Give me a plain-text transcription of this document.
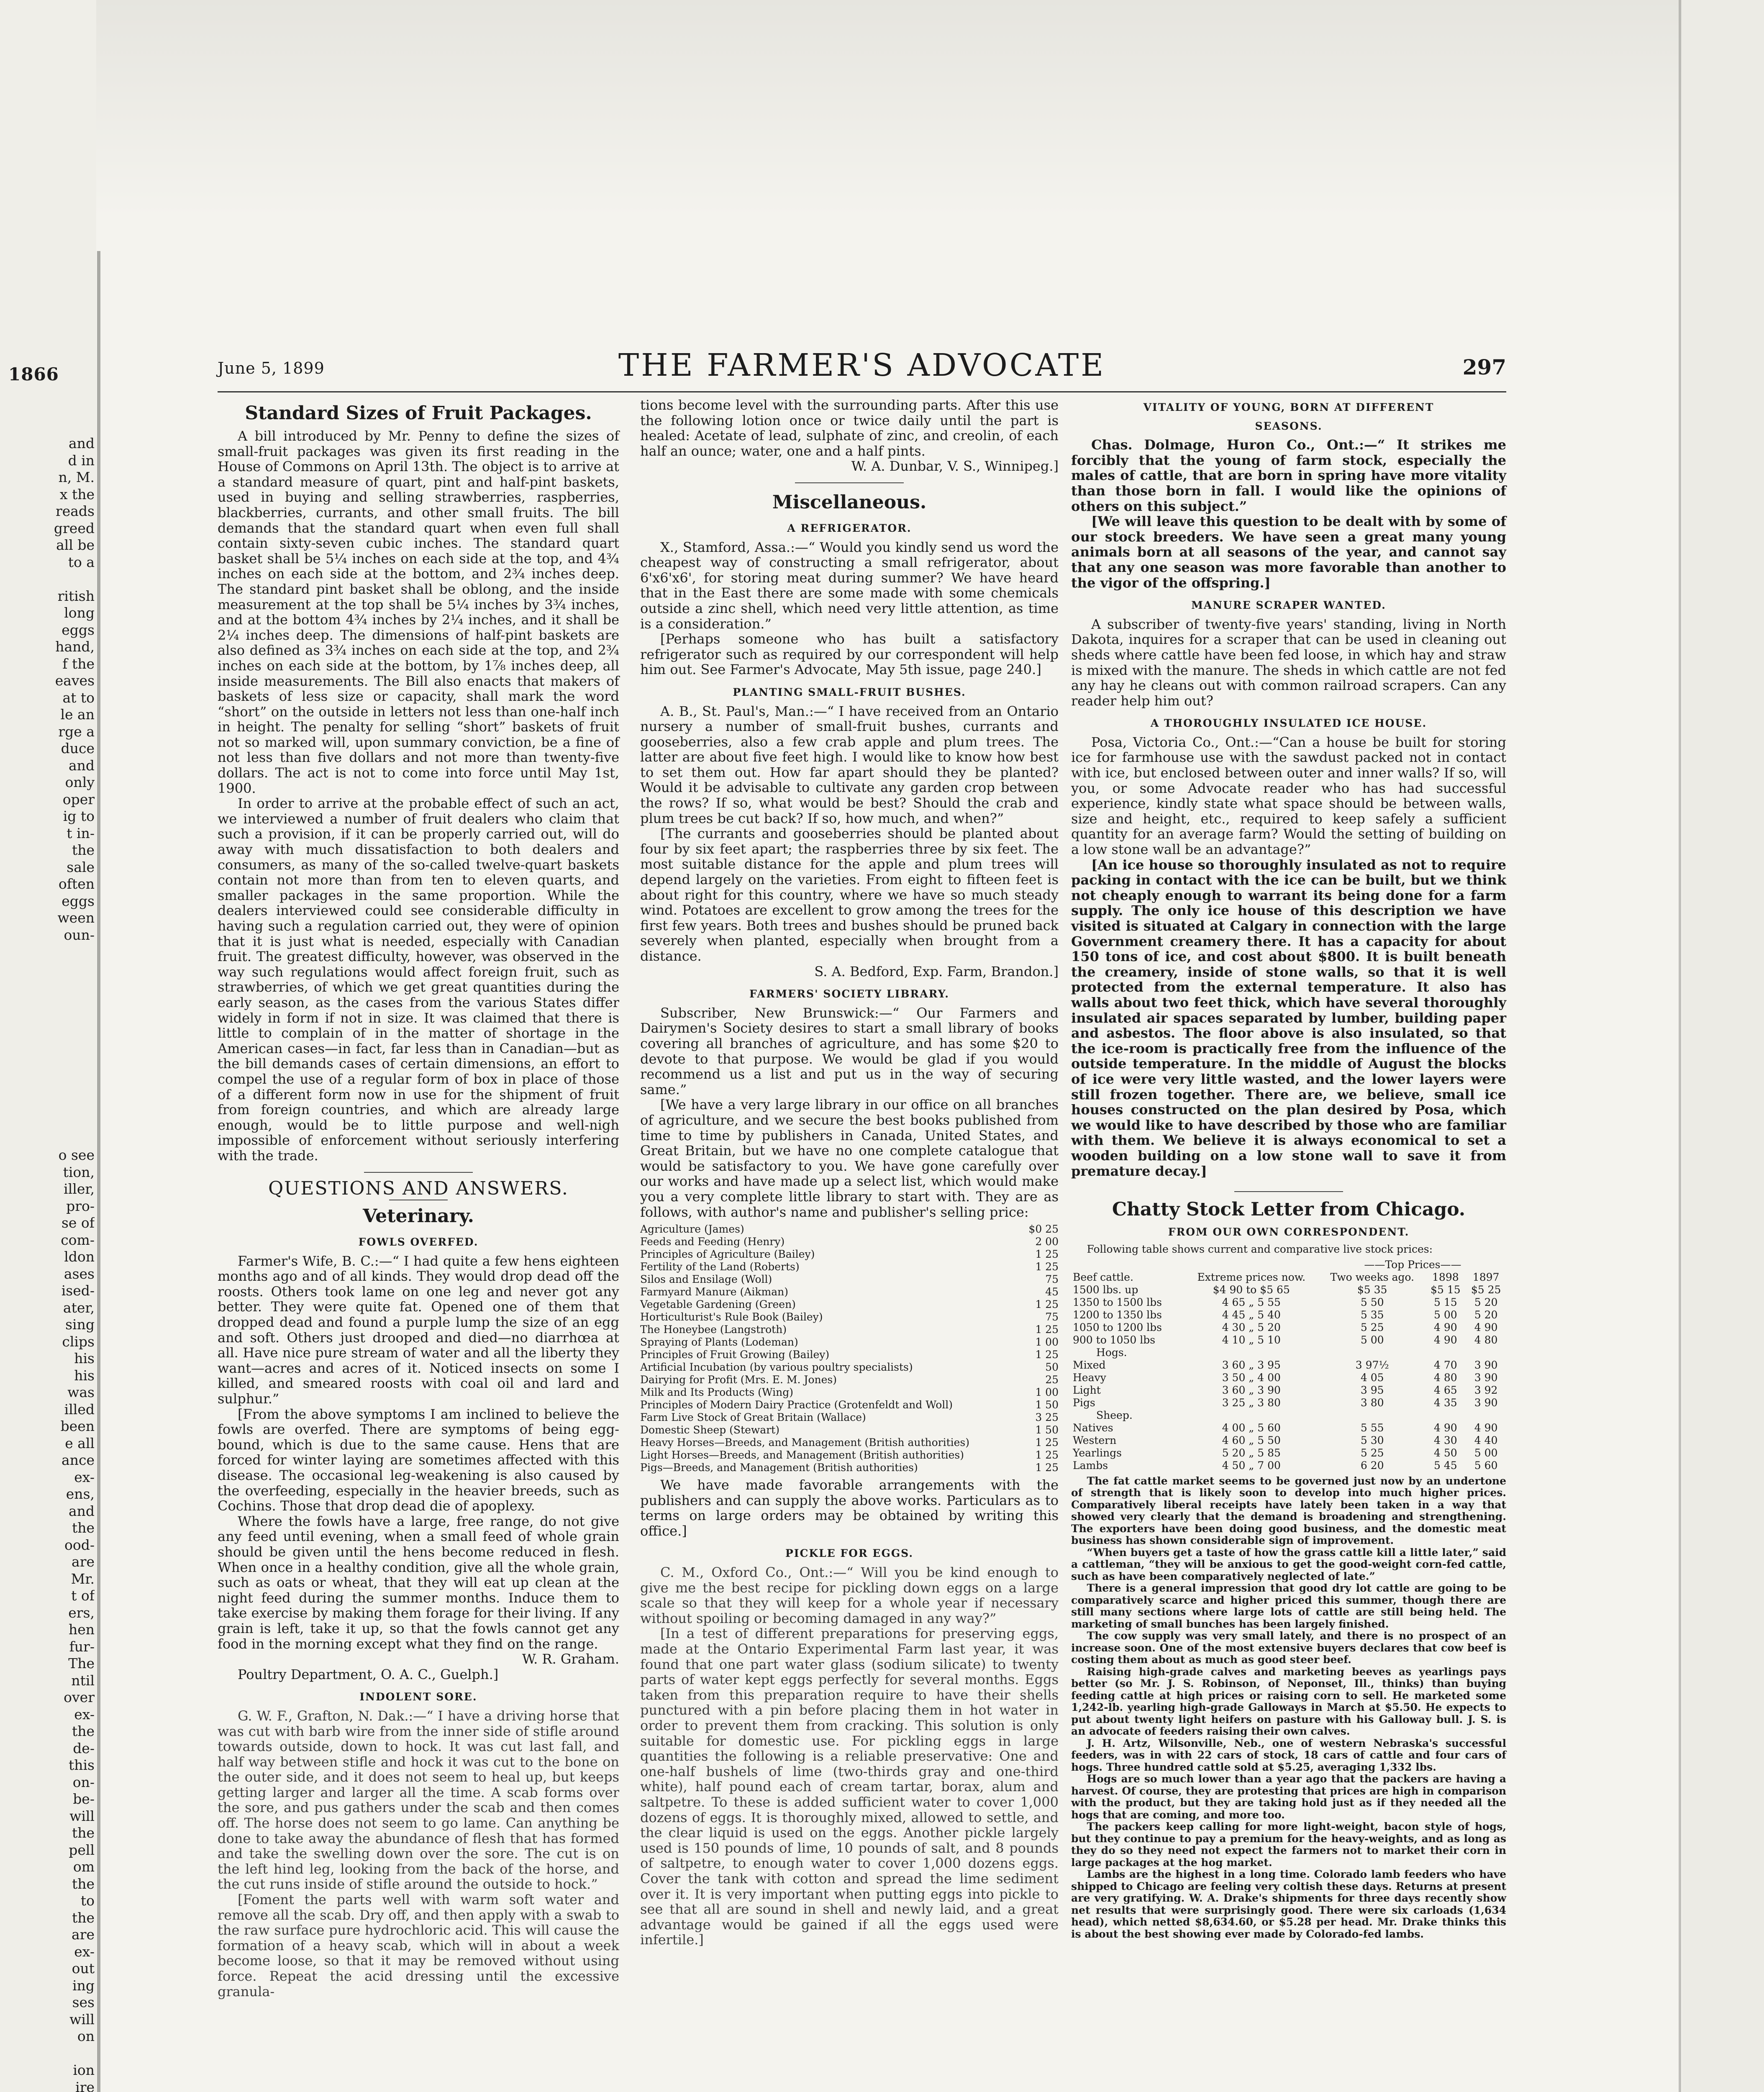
1866
and
d in
n, M.
x the
reads
greed
all be
to a

ritish
long
eggs
hand,
f the
eaves
at to
le an
rge a
duce
and
only
oper
ig to
t in-
the
sale
often
eggs
ween
oun-

o see
tion,
iller,
pro-
se of
com-
ldon
ases
ised-
ater,
sing
clips
his
his
was
illed
been
e all
ance
ex-
ens,
and
the
ood-
are
Mr.
t of
ers,
hen
fur-
The
ntil
over
ex-
the
de-
this
on-
be-
will
the
pell
om
the
to
the
are
ex-
out
ing
ses
will
on

ion
ire
June 5, 1899	THE FARMER'S ADVOCATE	297
Standard Sizes of Fruit Packages.

A bill introduced by Mr. Penny to define the sizes of small-fruit packages was given its first reading in the House of Commons on April 13th. The object is to arrive at a standard measure of quart, pint and half-pint baskets, used in buying and selling strawberries, raspberries, blackberries, currants, and other small fruits. The bill demands that the standard quart when even full shall contain sixty-seven cubic inches. The standard quart basket shall be 5¼ inches on each side at the top, and 4¾ inches on each side at the bottom, and 2¾ inches deep. The standard pint basket shall be oblong, and the inside measurement at the top shall be 5¼ inches by 3¾ inches, and at the bottom 4¾ inches by 2¼ inches, and it shall be 2¼ inches deep. The dimensions of half-pint baskets are also defined as 3¾ inches on each side at the top, and 2¾ inches on each side at the bottom, by 1⅞ inches deep, all inside measurements. The Bill also enacts that makers of baskets of less size or capacity, shall mark the word “short” on the outside in letters not less than one-half inch in height. The penalty for selling “short” baskets of fruit not so marked will, upon summary conviction, be a fine of not less than five dollars and not more than twenty-five dollars. The act is not to come into force until May 1st, 1900.

In order to arrive at the probable effect of such an act, we interviewed a number of fruit dealers who claim that such a provision, if it can be properly carried out, will do away with much dissatisfaction to both dealers and consumers, as many of the so-called twelve-quart baskets contain not more than from ten to eleven quarts, and smaller packages in the same proportion. While the dealers interviewed could see considerable difficulty in having such a regulation carried out, they were of opinion that it is just what is needed, especially with Canadian fruit. The greatest difficulty, however, was observed in the way such regulations would affect foreign fruit, such as strawberries, of which we get great quantities during the early season, as the cases from the various States differ widely in form if not in size. It was claimed that there is little to complain of in the matter of shortage in the American cases—in fact, far less than in Canadian—but as the bill demands cases of certain dimensions, an effort to compel the use of a regular form of box in place of those of a different form now in use for the shipment of fruit from foreign countries, and which are already large enough, would be to little purpose and well-nigh impossible of enforcement without seriously interfering with the trade.

QUESTIONS AND ANSWERS.
Veterinary.
FOWLS OVERFED.

Farmer's Wife, B. C.:—“ I had quite a few hens eighteen months ago and of all kinds. They would drop dead off the roosts. Others took lame on one leg and never got any better. They were quite fat. Opened one of them that dropped dead and found a purple lump the size of an egg and soft. Others just drooped and died—no diarrhœa at all. Have nice pure stream of water and all the liberty they want—acres and acres of it. Noticed insects on some I killed, and smeared roosts with coal oil and lard and sulphur.”

[From the above symptoms I am inclined to believe the fowls are overfed. There are symptoms of being egg-bound, which is due to the same cause. Hens that are forced for winter laying are sometimes affected with this disease. The occasional leg-weakening is also caused by the overfeeding, especially in the heavier breeds, such as Cochins. Those that drop dead die of apoplexy.

Where the fowls have a large, free range, do not give any feed until evening, when a small feed of whole grain should be given until the hens become reduced in flesh. When once in a healthy condition, give all the whole grain, such as oats or wheat, that they will eat up clean at the night feed during the summer months. Induce them to take exercise by making them forage for their living. If any grain is left, take it up, so that the fowls cannot get any food in the morning except what they find on the range.

W. R. Graham.

Poultry Department, O. A. C., Guelph.]

INDOLENT SORE.

G. W. F., Grafton, N. Dak.:—“ I have a driving horse that was cut with barb wire from the inner side of stifle around towards outside, down to hock. It was cut last fall, and half way between stifle and hock it was cut to the bone on the outer side, and it does not seem to heal up, but keeps getting larger and larger all the time. A scab forms over the sore, and pus gathers under the scab and then comes off. The horse does not seem to go lame. Can anything be done to take away the abundance of flesh that has formed and take the swelling down over the sore. The cut is on the left hind leg, looking from the back of the horse, and the cut runs inside of stifle around the outside to hock.”

[Foment the parts well with warm soft water and remove all the scab. Dry off, and then apply with a swab to the raw surface pure hydrochloric acid. This will cause the formation of a heavy scab, which will in about a week become loose, so that it may be removed without using force. Repeat the acid dressing until the excessive granula-

tions become level with the surrounding parts. After this use the following lotion once or twice daily until the part is healed: Acetate of lead, sulphate of zinc, and creolin, of each half an ounce; water, one and a half pints.

W. A. Dunbar, V. S., Winnipeg.]

Miscellaneous.
A REFRIGERATOR.

X., Stamford, Assa.:—“ Would you kindly send us word the cheapest way of constructing a small refrigerator, about 6'x6'x6', for storing meat during summer? We have heard that in the East there are some made with some chemicals outside a zinc shell, which need very little attention, as time is a consideration.”

[Perhaps someone who has built a satisfactory refrigerator such as required by our correspondent will help him out. See Farmer's Advocate, May 5th issue, page 240.]

PLANTING SMALL-FRUIT BUSHES.

A. B., St. Paul's, Man.:—“ I have received from an Ontario nursery a number of small-fruit bushes, currants and gooseberries, also a few crab apple and plum trees. The latter are about five feet high. I would like to know how best to set them out. How far apart should they be planted? Would it be advisable to cultivate any garden crop between the rows? If so, what would be best? Should the crab and plum trees be cut back? If so, how much, and when?”

[The currants and gooseberries should be planted about four by six feet apart; the raspberries three by six feet. The most suitable distance for the apple and plum trees will depend largely on the varieties. From eight to fifteen feet is about right for this country, where we have so much steady wind. Potatoes are excellent to grow among the trees for the first few years. Both trees and bushes should be pruned back severely when planted, especially when brought from a distance.

S. A. Bedford, Exp. Farm, Brandon.]

FARMERS' SOCIETY LIBRARY.

Subscriber, New Brunswick:—“ Our Farmers and Dairymen's Society desires to start a small library of books covering all branches of agriculture, and has some $20 to devote to that purpose. We would be glad if you would recommend us a list and put us in the way of securing same.”

[We have a very large library in our office on all branches of agriculture, and we secure the best books published from time to time by publishers in Canada, United States, and Great Britain, but we have no one complete catalogue that would be satisfactory to you. We have gone carefully over our works and have made up a select list, which would make you a very complete little library to start with. They are as follows, with author's name and publisher's selling price:

Agriculture (James)	$0 25
Feeds and Feeding (Henry)	2 00
Principles of Agriculture (Bailey)	1 25
Fertility of the Land (Roberts)	1 25
Silos and Ensilage (Woll)	75
Farmyard Manure (Aikman)	45
Vegetable Gardening (Green)	1 25
Horticulturist's Rule Book (Bailey)	75
The Honeybee (Langstroth)	1 25
Spraying of Plants (Lodeman)	1 00
Principles of Fruit Growing (Bailey)	1 25
Artificial Incubation (by various poultry specialists)	50
Dairying for Profit (Mrs. E. M. Jones)	25
Milk and Its Products (Wing)	1 00
Principles of Modern Dairy Practice (Grotenfeldt and Woll)	1 50
Farm Live Stock of Great Britain (Wallace)	3 25
Domestic Sheep (Stewart)	1 50
Heavy Horses—Breeds, and Management (British authorities)	1 25
Light Horses—Breeds, and Management (British authorities)	1 25
Pigs—Breeds, and Management (British authorities)	1 25

We have made favorable arrangements with the publishers and can supply the above works. Particulars as to terms on large orders may be obtained by writing this office.]

PICKLE FOR EGGS.

C. M., Oxford Co., Ont.:—“ Will you be kind enough to give me the best recipe for pickling down eggs on a large scale so that they will keep for a whole year if necessary without spoiling or becoming damaged in any way?”

[In a test of different preparations for preserving eggs, made at the Ontario Experimental Farm last year, it was found that one part water glass (sodium silicate) to twenty parts of water kept eggs perfectly for several months. Eggs taken from this preparation require to have their shells punctured with a pin before placing them in hot water in order to prevent them from cracking. This solution is only suitable for domestic use. For pickling eggs in large quantities the following is a reliable preservative: One and one-half bushels of lime (two-thirds gray and one-third white), half pound each of cream tartar, borax, alum and saltpetre. To these is added sufficient water to cover 1,000 dozens of eggs. It is thoroughly mixed, allowed to settle, and the clear liquid is used on the eggs. Another pickle largely used is 150 pounds of lime, 10 pounds of salt, and 8 pounds of saltpetre, to enough water to cover 1,000 dozens eggs. Cover the tank with cotton and spread the lime sediment over it. It is very important when putting eggs into pickle to see that all are sound in shell and newly laid, and a great advantage would be gained if all the eggs used were infertile.]

VITALITY OF YOUNG, BORN AT DIFFERENT
SEASONS.

Chas. Dolmage, Huron Co., Ont.:—“ It strikes me forcibly that the young of farm stock, especially the males of cattle, that are born in spring have more vitality than those born in fall. I would like the opinions of others on this subject.”

[We will leave this question to be dealt with by some of our stock breeders. We have seen a great many young animals born at all seasons of the year, and cannot say that any one season was more favorable than another to the vigor of the offspring.]

MANURE SCRAPER WANTED.

A subscriber of twenty-five years' standing, living in North Dakota, inquires for a scraper that can be used in cleaning out sheds where cattle have been fed loose, in which hay and straw is mixed with the manure. The sheds in which cattle are not fed any hay he cleans out with common railroad scrapers. Can any reader help him out?

A THOROUGHLY INSULATED ICE HOUSE.

Posa, Victoria Co., Ont.:—“Can a house be built for storing ice for farmhouse use with the sawdust packed not in contact with ice, but enclosed between outer and inner walls? If so, will you, or some Advocate reader who has had successful experience, kindly state what space should be between walls, size and height, etc., required to keep safely a sufficient quantity for an average farm? Would the setting of building on a low stone wall be an advantage?”

[An ice house so thoroughly insulated as not to require packing in contact with the ice can be built, but we think not cheaply enough to warrant its being done for a farm supply. The only ice house of this description we have visited is situated at Calgary in connection with the large Government creamery there. It has a capacity for about 150 tons of ice, and cost about $800. It is built beneath the creamery, inside of stone walls, so that it is well protected from the external temperature. It also has walls about two feet thick, which have several thoroughly insulated air spaces separated by lumber, building paper and asbestos. The floor above is also insulated, so that the ice-room is practically free from the influence of the outside temperature. In the middle of August the blocks of ice were very little wasted, and the lower layers were still frozen together. There are, we believe, small ice houses constructed on the plan desired by Posa, which we would like to have described by those who are familiar with them. We believe it is always economical to set a wooden building on a low stone wall to save it from premature decay.]

Chatty Stock Letter from Chicago.
FROM OUR OWN CORRESPONDENT.

Following table shows current and comparative live stock prices:

		——Top Prices——		
Beef cattle.	Extreme prices now.	Two weeks ago.	1898	1897
1500 lbs. up	$4 90 to $5 65	$5 35	$5 15	$5 25
1350 to 1500 lbs	4 65 „ 5 55	5 50	5 15	5 20
1200 to 1350 lbs	4 45 „ 5 40	5 35	5 00	5 20
1050 to 1200 lbs	4 30 „ 5 20	5 25	4 90	4 90
900 to 1050 lbs	4 10 „ 5 10	5 00	4 90	4 80
Hogs.				
Mixed	3 60 „ 3 95	3 97½	4 70	3 90
Heavy	3 50 „ 4 00	4 05	4 80	3 90
Light	3 60 „ 3 90	3 95	4 65	3 92
Pigs	3 25 „ 3 80	3 80	4 35	3 90
Sheep.				
Natives	4 00 „ 5 60	5 55	4 90	4 90
Western	4 60 „ 5 50	5 30	4 30	4 40
Yearlings	5 20 „ 5 85	5 25	4 50	5 00
Lambs	4 50 „ 7 00	6 20	5 45	5 60

The fat cattle market seems to be governed just now by an undertone of strength that is likely soon to develop into much higher prices. Comparatively liberal receipts have lately been taken in a way that showed very clearly that the demand is broadening and strengthening. The exporters have been doing good business, and the domestic meat business has shown considerable sign of improvement.

“When buyers get a taste of how the grass cattle kill a little later,” said a cattleman, “they will be anxious to get the good-weight corn-fed cattle, such as have been comparatively neglected of late.”

There is a general impression that good dry lot cattle are going to be comparatively scarce and higher priced this summer, though there are still many sections where large lots of cattle are still being held. The marketing of small bunches has been largely finished.

The cow supply was very small lately, and there is no prospect of an increase soon. One of the most extensive buyers declares that cow beef is costing them about as much as good steer beef.

Raising high-grade calves and marketing beeves as yearlings pays better (so Mr. J. S. Robinson, of Neponset, Ill., thinks) than buying feeding cattle at high prices or raising corn to sell. He marketed some 1,242-lb. yearling high-grade Galloways in March at $5.50. He expects to put about twenty light heifers on pasture with his Galloway bull. J. S. is an advocate of feeders raising their own calves.

J. H. Artz, Wilsonville, Neb., one of western Nebraska's successful feeders, was in with 22 cars of stock, 18 cars of cattle and four cars of hogs. Three hundred cattle sold at $5.25, averaging 1,332 lbs.

Hogs are so much lower than a year ago that the packers are having a harvest. Of course, they are protesting that prices are high in comparison with the product, but they are taking hold just as if they needed all the hogs that are coming, and more too.

The packers keep calling for more light-weight, bacon style of hogs, but they continue to pay a premium for the heavy-weights, and as long as they do so they need not expect the farmers not to market their corn in large packages at the hog market.

Lambs are the highest in a long time. Colorado lamb feeders who have shipped to Chicago are feeling very coltish these days. Returns at present are very gratifying. W. A. Drake's shipments for three days recently show net results that were surprisingly good. There were six carloads (1,634 head), which netted $8,634.60, or $5.28 per head. Mr. Drake thinks this is about the best showing ever made by Colorado-fed lambs.
